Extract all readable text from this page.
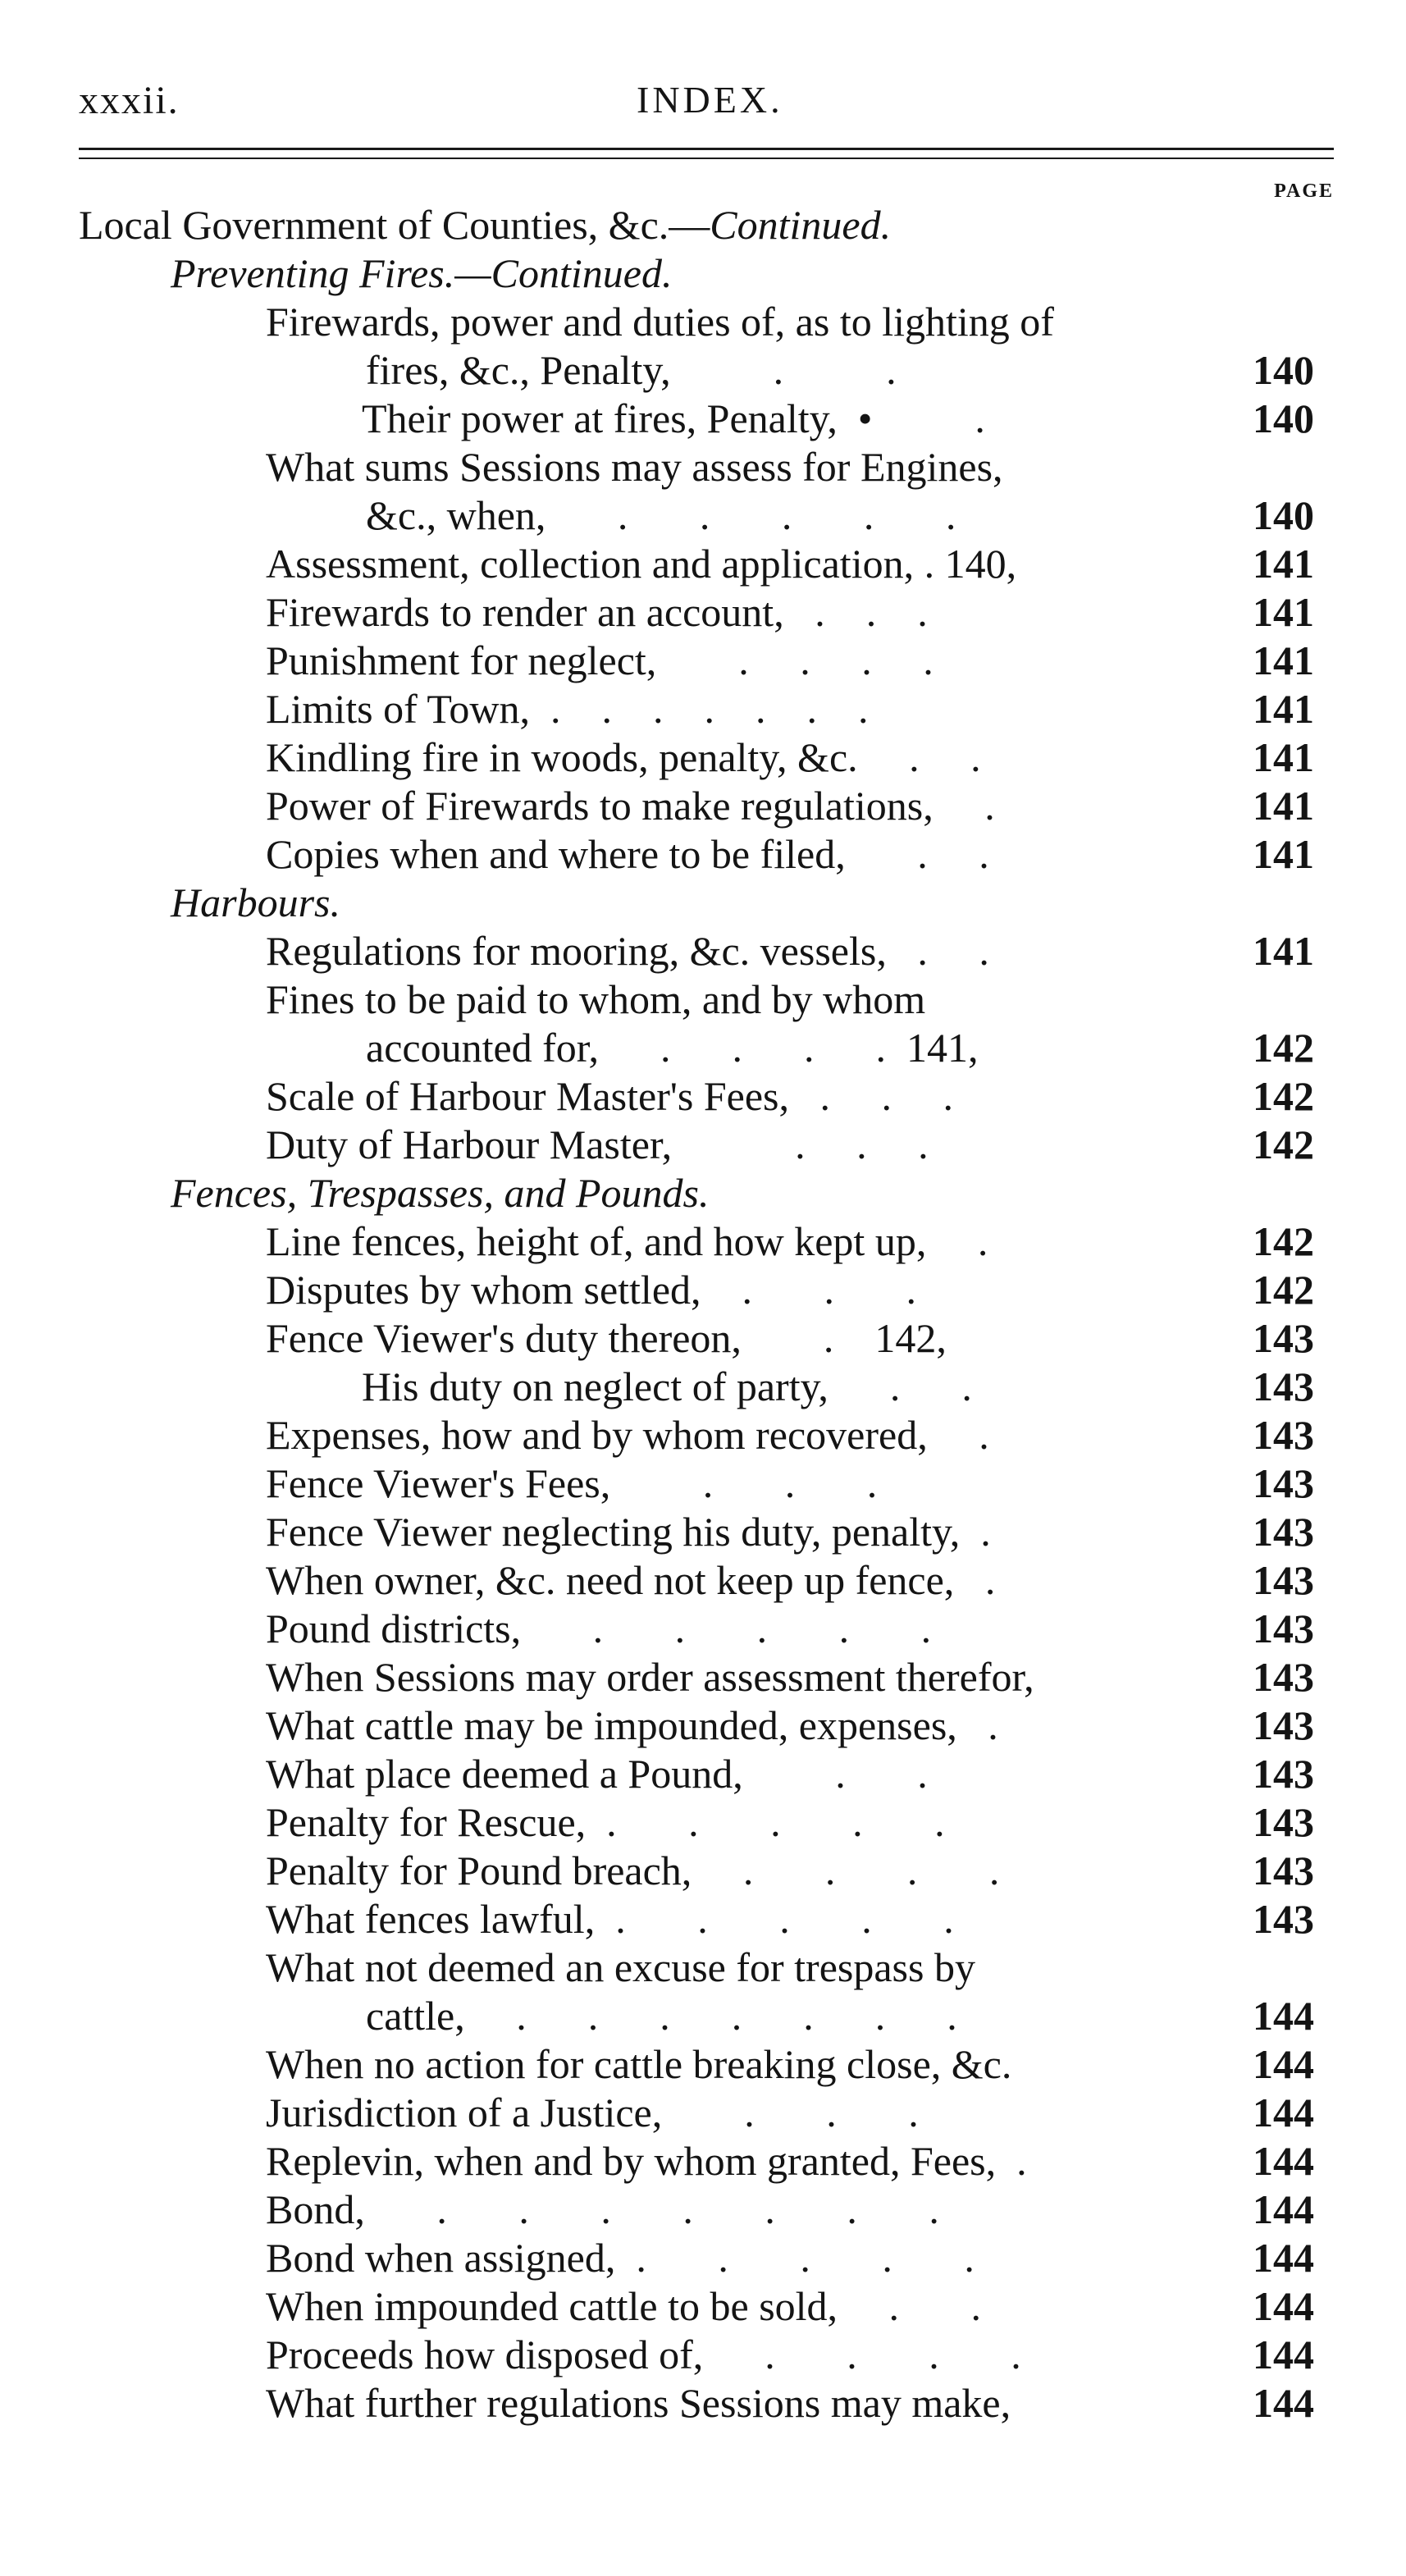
xxxii.	INDEX.
PAGE
Local Government of Counties, &c.—Continued.
Preventing Fires.—Continued.
Firewards, power and duties of, as to lighting of
fires, &c., Penalty,          .          .	140
Their power at fires, Penalty,  •          .	140
What sums Sessions may assess for Engines,
&c., when,       .       .       .       .       .	140
Assessment, collection and application, . 140,	141
Firewards to render an account,   .    .    .	141
Punishment for neglect,        .     .     .     .	141
Limits of Town,  .    .    .    .    .    .    .	141
Kindling fire in woods, penalty, &c.     .     .	141
Power of Firewards to make regulations,     .	141
Copies when and where to be filed,       .     .	141
Harbours.
Regulations for mooring, &c. vessels,   .     .	141
Fines to be paid to whom, and by whom
accounted for,      .      .      .      .  141,	142
Scale of Harbour Master's Fees,   .     .     .	142
Duty of Harbour Master,            .     .     .	142
Fences, Trespasses, and Pounds.
Line fences, height of, and how kept up,     .	142
Disputes by whom settled,    .       .       .	142
Fence Viewer's duty thereon,        .    142,	143
His duty on neglect of party,      .      .	143
Expenses, how and by whom recovered,     .	143
Fence Viewer's Fees,         .       .       .	143
Fence Viewer neglecting his duty, penalty,  .	143
When owner, &c. need not keep up fence,   .	143
Pound districts,       .       .       .       .       .	143
When Sessions may order assessment therefor,	143
What cattle may be impounded, expenses,   .	143
What place deemed a Pound,         .       .	143
Penalty for Rescue,  .       .       .       .       .	143
Penalty for Pound breach,     .       .       .       .	143
What fences lawful,  .       .       .       .       .	143
What not deemed an excuse for trespass by
cattle,     .      .      .      .      .      .      .	144
When no action for cattle breaking close, &c.	144
Jurisdiction of a Justice,        .       .       .	144
Replevin, when and by whom granted, Fees,  .	144
Bond,       .       .       .       .       .       .       .	144
Bond when assigned,  .       .       .       .       .	144
When impounded cattle to be sold,     .       .	144
Proceeds how disposed of,      .       .       .       .	144
What further regulations Sessions may make,	144
